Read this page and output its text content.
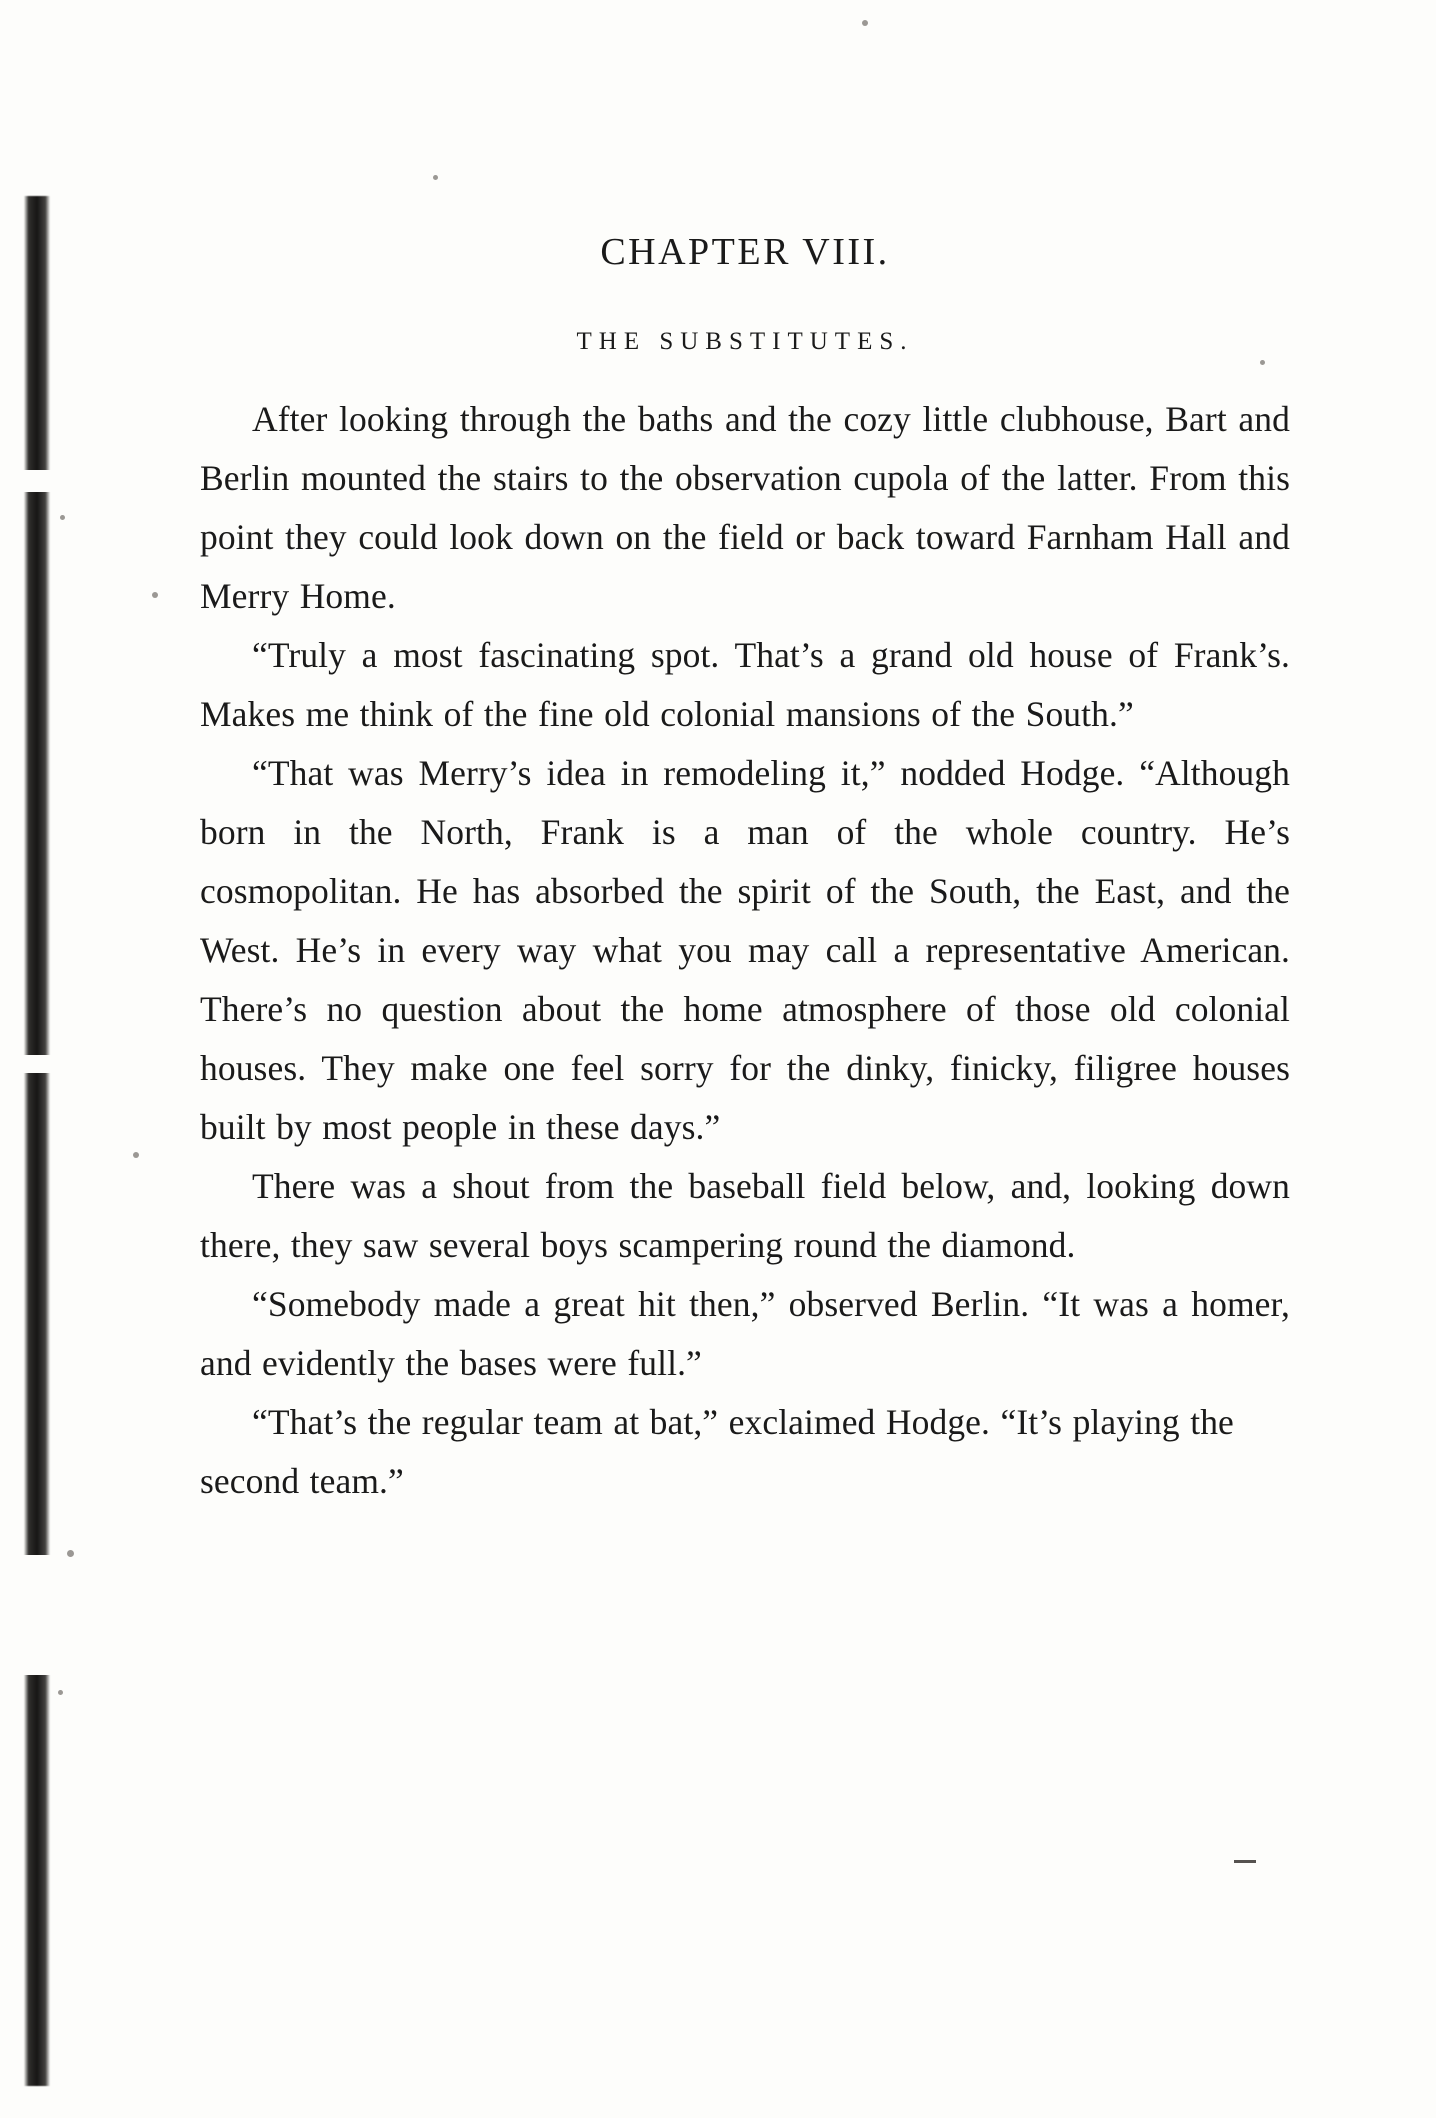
CHAPTER VIII.
THE SUBSTITUTES.

After looking through the baths and the cozy little clubhouse, Bart and Berlin mounted the stairs to the observation cupola of the latter. From this point they could look down on the field or back toward Farnham Hall and Merry Home.

“Truly a most fascinating spot. That’s a grand old house of Frank’s. Makes me think of the fine old colonial mansions of the South.”

“That was Merry’s idea in remodeling it,” nodded Hodge. “Although born in the North, Frank is a man of the whole country. He’s cosmopolitan. He has absorbed the spirit of the South, the East, and the West. He’s in every way what you may call a representative American. There’s no question about the home atmosphere of those old colonial houses. They make one feel sorry for the dinky, finicky, filigree houses built by most people in these days.”

There was a shout from the baseball field below, and, looking down there, they saw several boys scampering round the diamond.

“Somebody made a great hit then,” observed Berlin. “It was a homer, and evidently the bases were full.”

“That’s the regular team at bat,” exclaimed Hodge. “It’s playing the second team.”
